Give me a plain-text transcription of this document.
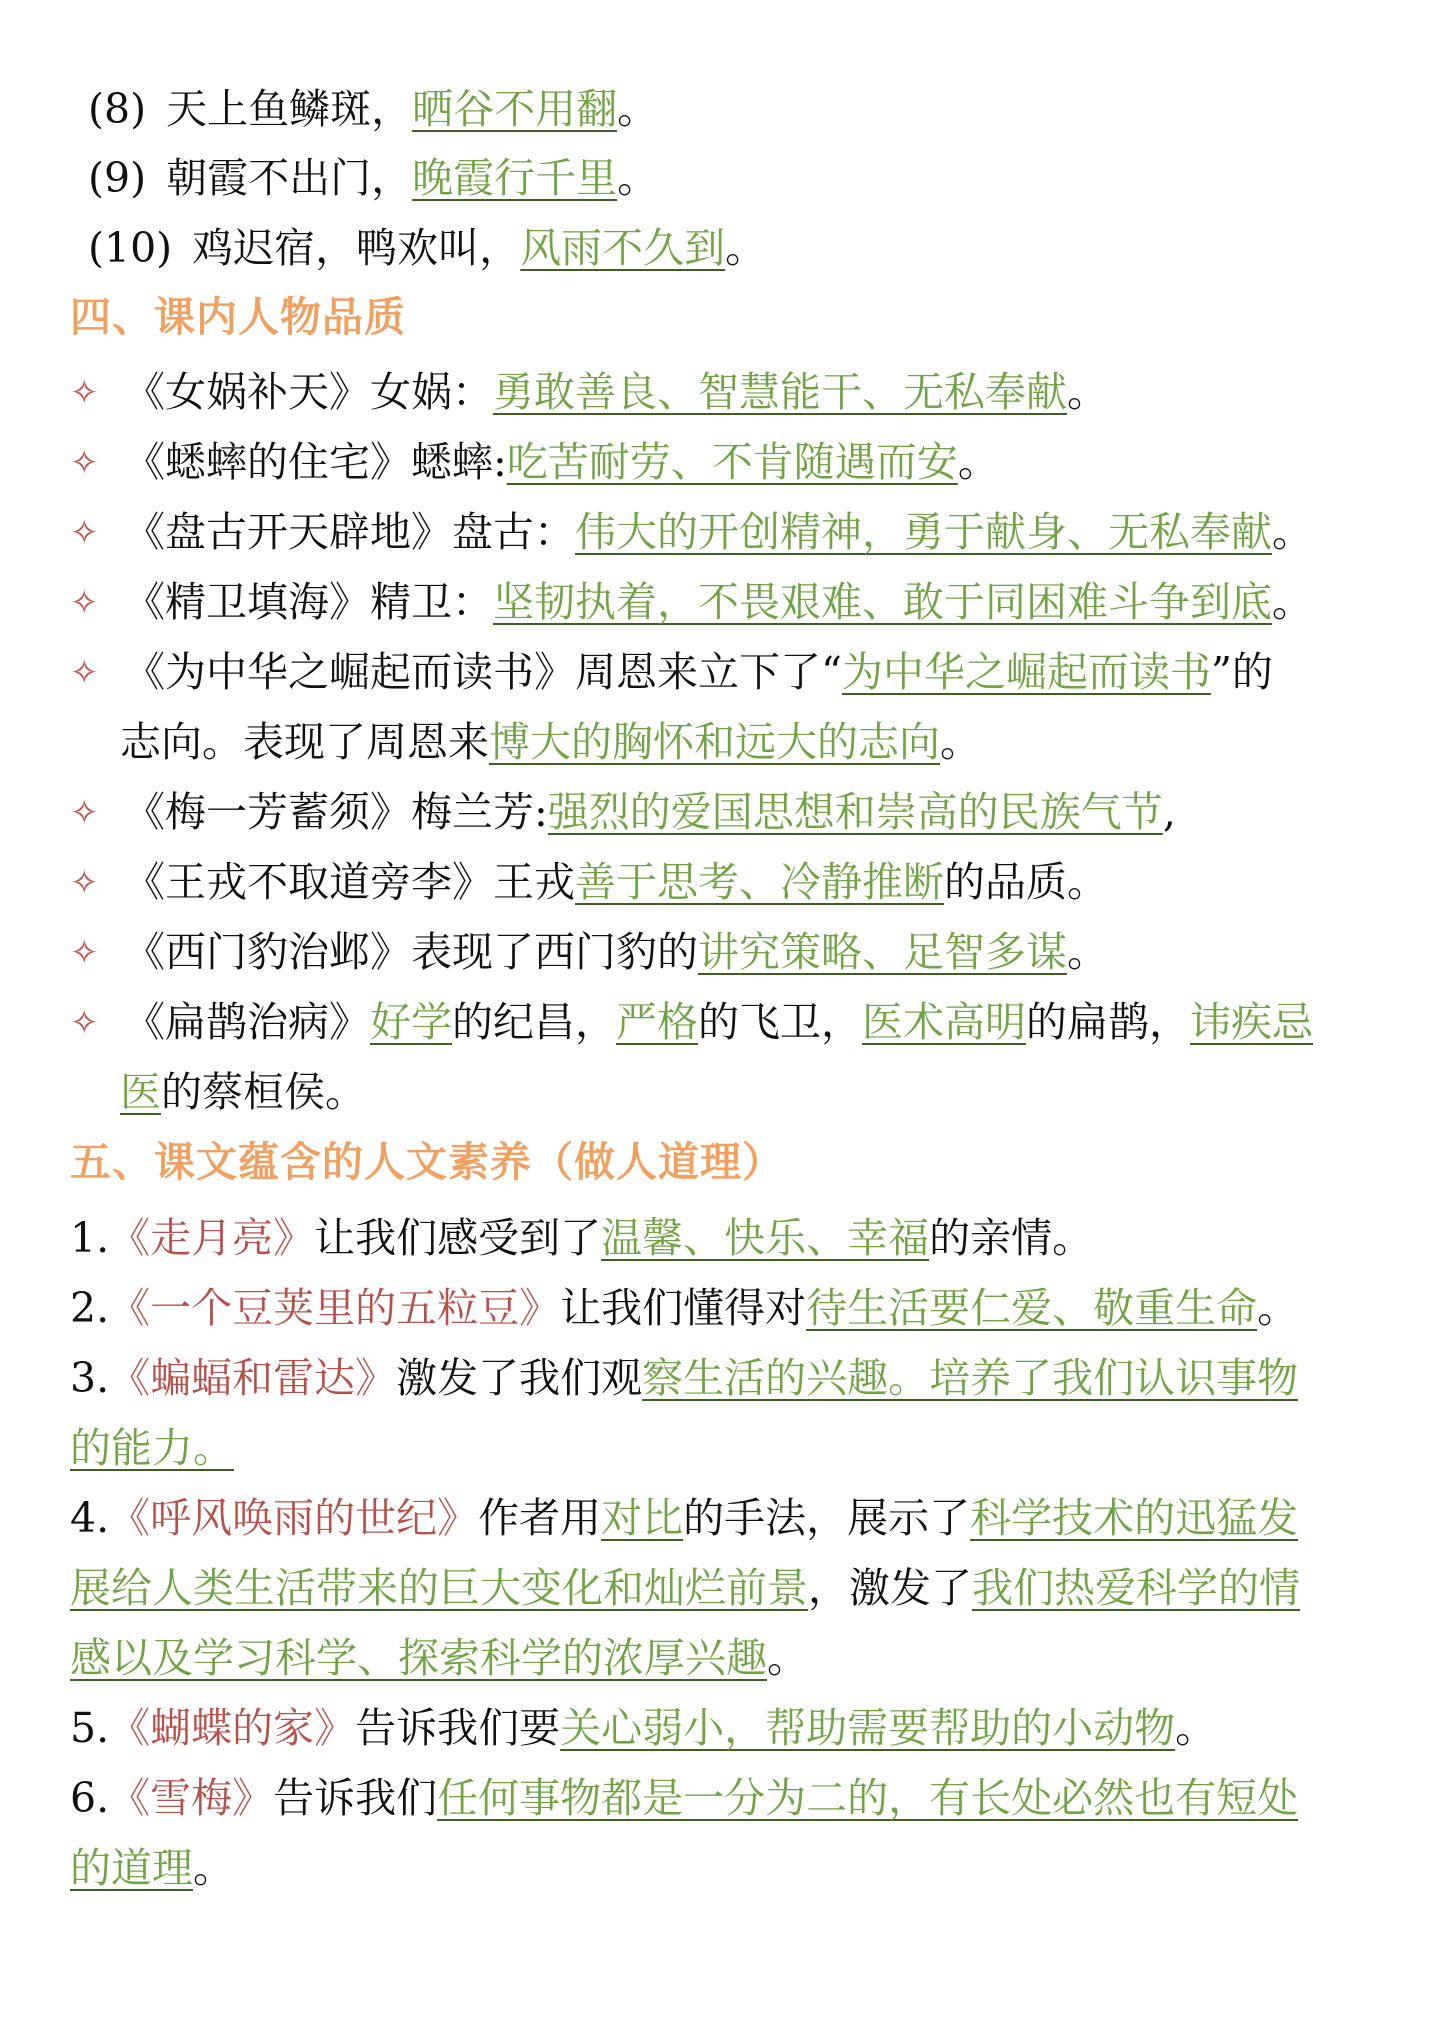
(8) 天上鱼鳞斑，晒谷不用翻。
(9) 朝霞不出门，晚霞行千里。
(10) 鸡迟宿，鸭欢叫，风雨不久到。
四、课内人物品质
✧ 《女娲补天》女娲：勇敢善良、智慧能干、无私奉献。
✧ 《蟋蟀的住宅》蟋蟀:吃苦耐劳、不肯随遇而安。
✧ 《盘古开天辟地》盘古：伟大的开创精神，勇于献身、无私奉献。
✧ 《精卫填海》精卫：坚韧执着，不畏艰难、敢于同困难斗争到底。
✧ 《为中华之崛起而读书》周恩来立下了“为中华之崛起而读书”的
志向。表现了周恩来博大的胸怀和远大的志向。
✧ 《梅一芳蓄须》梅兰芳:强烈的爱国思想和崇高的民族气节,
✧ 《王戎不取道旁李》王戎善于思考、冷静推断的品质。
✧ 《西门豹治邺》表现了西门豹的讲究策略、足智多谋。
✧ 《扁鹊治病》好学的纪昌，严格的飞卫，医术高明的扁鹊，讳疾忌
医的蔡桓侯。
五、课文蕴含的人文素养（做人道理）
1.《走月亮》让我们感受到了温馨、快乐、幸福的亲情。
2.《一个豆荚里的五粒豆》让我们懂得对待生活要仁爱、敬重生命。
3.《蝙蝠和雷达》激发了我们观察生活的兴趣。培养了我们认识事物
的能力。
4.《呼风唤雨的世纪》作者用对比的手法，展示了科学技术的迅猛发
展给人类生活带来的巨大变化和灿烂前景，激发了我们热爱科学的情
感以及学习科学、探索科学的浓厚兴趣。
5.《蝴蝶的家》告诉我们要关心弱小，帮助需要帮助的小动物。
6.《雪梅》告诉我们任何事物都是一分为二的，有长处必然也有短处
的道理。
